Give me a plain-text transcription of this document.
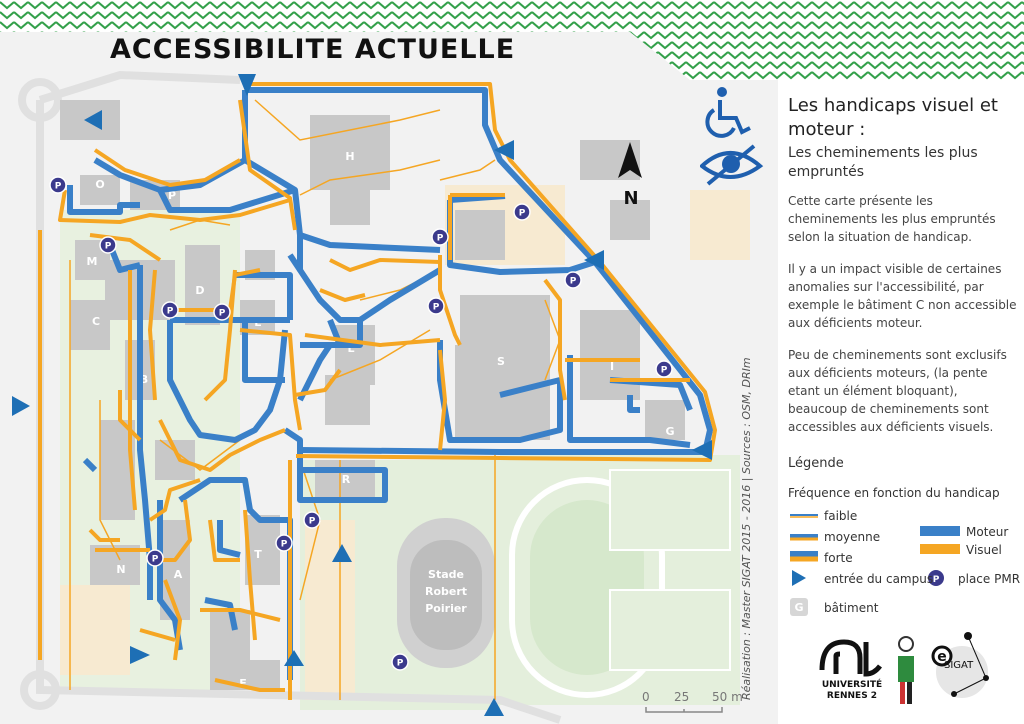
Stade
Robert
Poirier
H
O
P
M
D
E
C
L
S	I
B
R
G
N	A
T
F
P
P
P	P
P
P
P
P
P
P
P
P
P
N
ACCESSIBILITE ACTUELLE
Les handicaps visuel et moteur :
Les cheminements les plus empruntés
Cette carte présente les cheminements les plus empruntés selon la situation de handicap.
Il y a un impact visible de certaines anomalies sur l'accessibilité, par exemple le bâtiment C non accessible aux déficients moteur.
Peu de cheminements sont exclusifs aux déficients moteurs, (la pente etant un élément bloquant), beaucoup de cheminements sont accessibles aux déficients visuels.
Légende
Fréquence en fonction du handicap
P
G
faible
moyenne
forte
Moteur
Visuel
entrée du campus place PMR
bâtiment
Réalisation : Master SIGAT 2015 - 2016 | Sources : OSM, DRIm	e
UNIVERSITÉ RENNES 2
SIGAT
0 25 50 m
